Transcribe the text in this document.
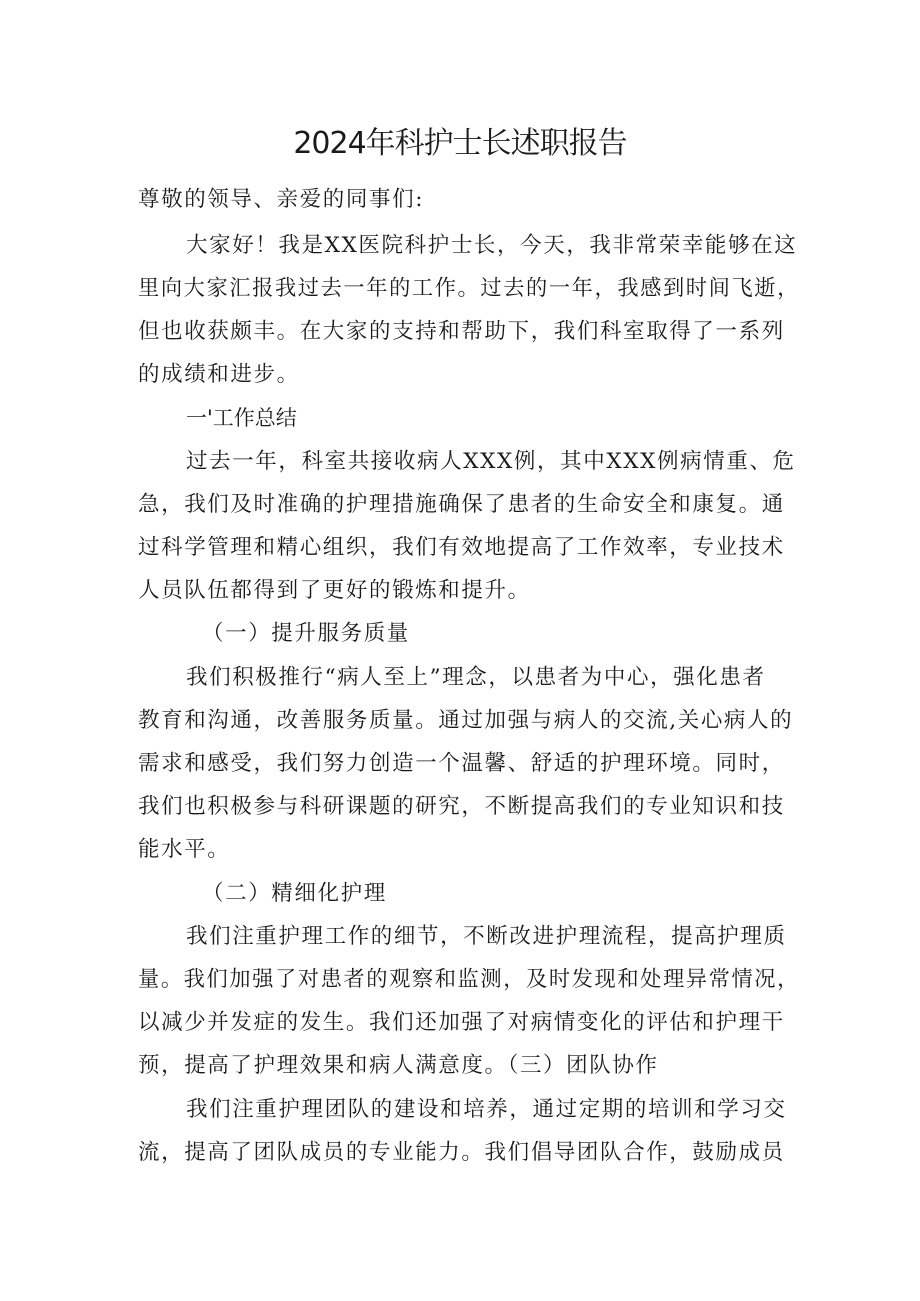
2024年科护士长述职报告
尊敬的领导、亲爱的同事们:
大家好！我是XX医院科护士长，今天，我非常荣幸能够在这
里向大家汇报我过去一年的工作。过去的一年，我感到时间飞逝，
但也收获颇丰。在大家的支持和帮助下，我们科室取得了一系列
的成绩和进步。
一'工作总结
过去一年，科室共接收病人XXX例，其中XXX例病情重、危
急，我们及时准确的护理措施确保了患者的生命安全和康复。通
过科学管理和精心组织，我们有效地提高了工作效率，专业技术
人员队伍都得到了更好的锻炼和提升。
（一）提升服务质量
我们积极推行“病人至上”理念，以患者为中心，强化患者
教育和沟通，改善服务质量。通过加强与病人的交流,关心病人的
需求和感受，我们努力创造一个温馨、舒适的护理环境。同时，
我们也积极参与科研课题的研究，不断提高我们的专业知识和技
能水平。
（二）精细化护理
我们注重护理工作的细节，不断改进护理流程，提高护理质
量。我们加强了对患者的观察和监测，及时发现和处理异常情况，
以减少并发症的发生。我们还加强了对病情变化的评估和护理干
预，提高了护理效果和病人满意度。（三）团队协作
我们注重护理团队的建设和培养，通过定期的培训和学习交
流，提高了团队成员的专业能力。我们倡导团队合作，鼓励成员
